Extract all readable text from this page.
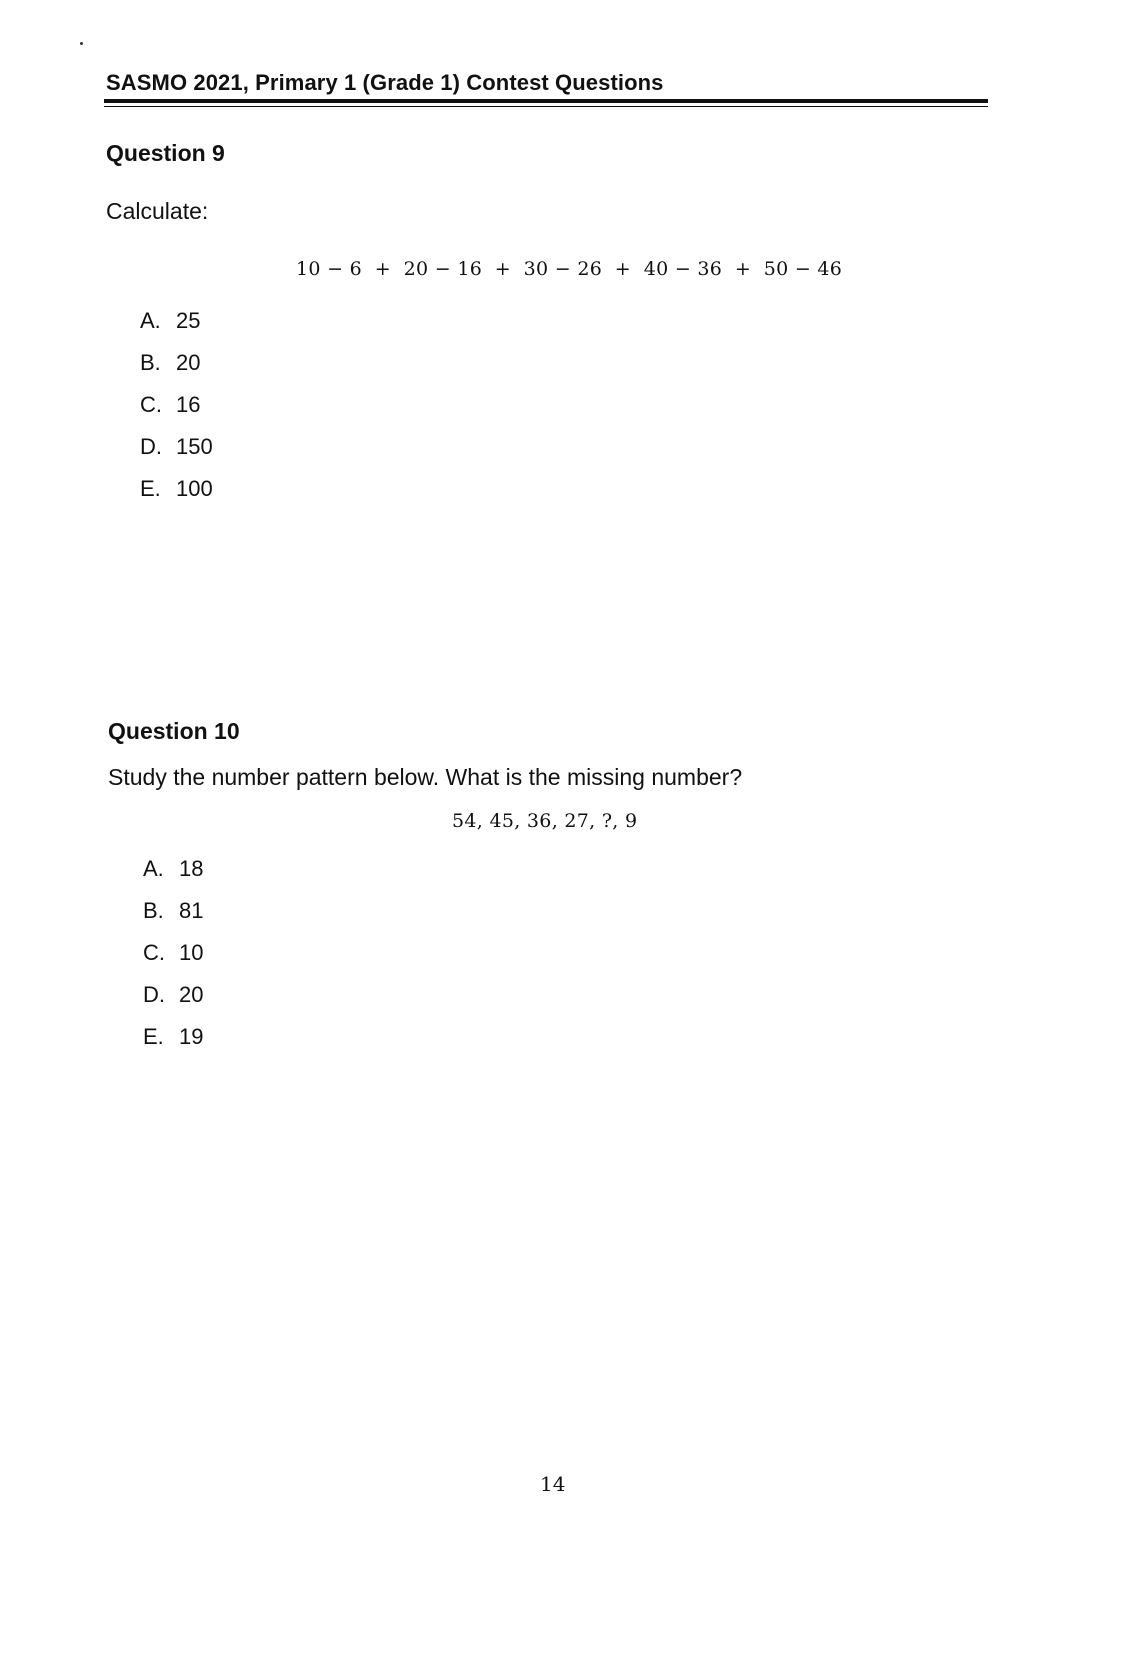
SASMO 2021, Primary 1 (Grade 1) Contest Questions
Question 9
Calculate:
10 − 6  +  20 − 16  +  30 − 26  +  40 − 36  +  50 − 46
A. 25
B. 20
C. 16
D. 150
E. 100
Question 10
Study the number pattern below. What is the missing number?
54, 45, 36, 27, ?, 9
A. 18
B. 81
C. 10
D. 20
E. 19
14
